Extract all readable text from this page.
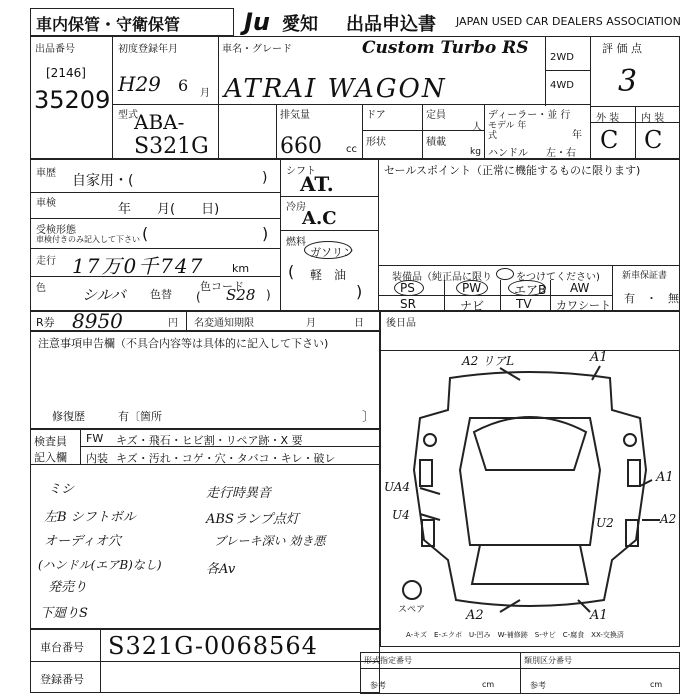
車内保管・守衛保管	Ju 愛知 出品申込書 JAPAN USED CAR DEALERS ASSOCIATION
出品番号
[2146]
35209
初度登録年月
H29 6 月
車名・グレード	Custom Turbo RS
ATRAI WAGON
2WD
4WD
評 価 点
3
外 装 内 装
C C
型式
ABA-
S321G
排気量
660 cc
ドア	定員
人
形状	積載
kg
ディーラー・並 行
モデル 年式	年
ハンドル 左・右
車歴 自家用・(	)
車検	年　　月(　　日)
受検形態
車検付きのみ記入して下さい (	)
走行 17万0千747	km
色 シルバ 色替
色コード
S28
(	)
シフト
AT.
冷房
A.C
燃料
ガソリン
( 軽　油
)
セールスポイント（正常に機能するものに限ります)
装備品（純正品に限り をつけてください)
PS	PW	エアB AW
SR	ナビ	TV カワシート
新車保証書
有　・　無
R券 8950	円 名変通知期限	月	日 後日品
注意事項申告欄（不具合内容等は具体的に記入して下さい)
修復歴	有〔箇所	〕
検査員
記入欄
FW キズ・飛石・ヒビ割・リペア跡・X 要
内装 キズ・汚れ・コゲ・穴・タバコ・キレ・破レ
ミシ
左B シフトボル
オーディオ穴
(ハンドル(エアB)なし)
発売り
下廻りS
走行時異音
ABSランプ点灯
ブレーキ深い 効き悪
各Av
A2 リアL	A1
A1
UA4
U4
U2	A2
A2	A1
スペア
A-キズ　E-エクボ　U-凹み　W-補修跡　S-サビ　C-腐食　XX-交換済
車台番号 S321G-0068564
登録番号
形式指定番号	類別区分番号
参考	参考
cm	cm
